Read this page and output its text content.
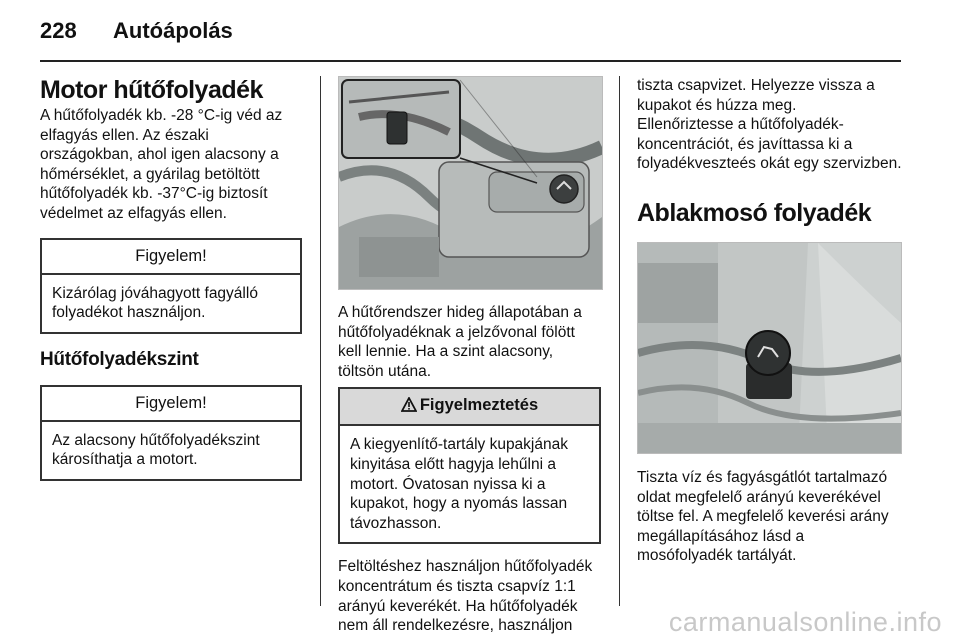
228 Autóápolás
Motor hűtőfolyadék

A hűtőfolyadék kb. -28 °C-ig véd az elfagyás ellen. Az északi országokban, ahol igen alacsony a hőmérséklet, a gyárilag betöltött hűtőfolyadék kb. -37°C-ig biztosít védelmet az elfagyás ellen.

Figyelem!
Kizárólag jóváhagyott fagyálló folyadékot használjon.
Hűtőfolyadékszint
Figyelem!
Az alacsony hűtőfolyadékszint károsíthatja a motort.

A hűtőrendszer hideg állapotában a hűtőfolyadéknak a jelzővonal fölött kell lennie. Ha a szint alacsony, töltsön utána.

Figyelmeztetés
A kiegyenlítő-tartály kupakjának kinyitása előtt hagyja lehűlni a motort. Óvatosan nyissa ki a kupakot, hogy a nyomás lassan távozhasson.

Feltöltéshez használjon hűtőfolyadék koncentrátum és tiszta csapvíz 1:1 arányú keverékét. Ha hűtőfolyadék nem áll rendelkezésre, használjon

tiszta csapvizet. Helyezze vissza a kupakot és húzza meg.
Ellenőriztesse a hűtőfolyadék-koncentrációt, és javíttassa ki a folyadékveszteés okát egy szervizben.

Ablakmosó folyadék

Tiszta víz és fagyásgátlót tartalmazó oldat megfelelő arányú keverékével töltse fel. A megfelelő keverési arány megállapításához lásd a mosófolyadék tartályát.

carmanualsonline.info
